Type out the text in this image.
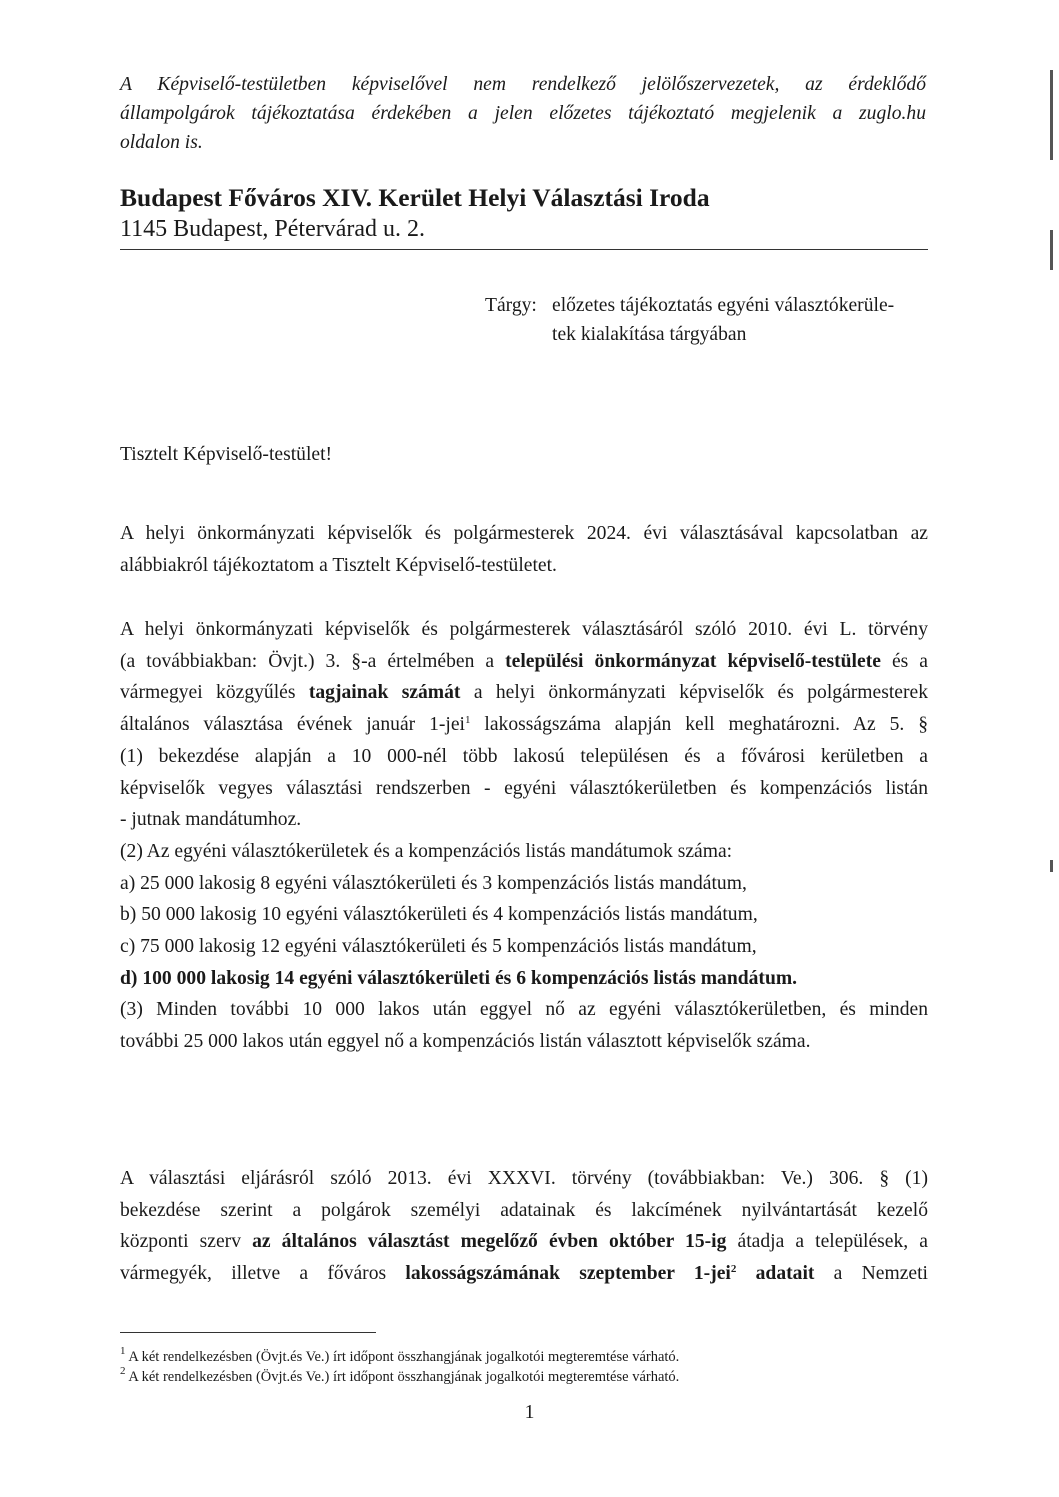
A Képviselő-testületben képviselővel nem rendelkező jelölőszervezetek, az érdeklődő
állampolgárok tájékoztatása érdekében a jelen előzetes tájékoztató megjelenik a zuglo.hu
oldalon is.
Budapest Főváros XIV. Kerület Helyi Választási Iroda
1145 Budapest, Pétervárad u. 2.
Tárgy: előzetes tájékoztatás egyéni választókerüle-
tek kialakítása tárgyában
Tisztelt Képviselő-testület!
A helyi önkormányzati képviselők és polgármesterek 2024. évi választásával kapcsolatban az
alábbiakról tájékoztatom a Tisztelt Képviselő-testületet.
A helyi önkormányzati képviselők és polgármesterek választásáról szóló 2010. évi L. törvény
(a továbbiakban: Övjt.) 3. §-a értelmében a települési önkormányzat képviselő-testülete és a
vármegyei közgyűlés tagjainak számát a helyi önkormányzati képviselők és polgármesterek
általános választása évének január 1-jei$^1$ lakosságszáma alapján kell meghatározni. Az 5. §
(1) bekezdése alapján a 10 000-nél több lakosú településen és a fővárosi kerületben a
képviselők vegyes választási rendszerben - egyéni választókerületben és kompenzációs listán
- jutnak mandátumhoz.
(2) Az egyéni választókerületek és a kompenzációs listás mandátumok száma:
a) 25 000 lakosig 8 egyéni választókerületi és 3 kompenzációs listás mandátum,
b) 50 000 lakosig 10 egyéni választókerületi és 4 kompenzációs listás mandátum,
c) 75 000 lakosig 12 egyéni választókerületi és 5 kompenzációs listás mandátum,
d) 100 000 lakosig 14 egyéni választókerületi és 6 kompenzációs listás mandátum.
(3) Minden további 10 000 lakos után eggyel nő az egyéni választókerületben, és minden
további 25 000 lakos után eggyel nő a kompenzációs listán választott képviselők száma.
A választási eljárásról szóló 2013. évi XXXVI. törvény (továbbiakban: Ve.) 306. § (1)
bekezdése szerint a polgárok személyi adatainak és lakcímének nyilvántartását kezelő
központi szerv az általános választást megelőző évben október 15-ig átadja a települések, a
vármegyék, illetve a főváros lakosságszámának szeptember 1-jei$^2$ adatait a Nemzeti
$^1$ A két rendelkezésben (Övjt.és Ve.) írt időpont összhangjának jogalkotói megteremtése várható.
$^2$ A két rendelkezésben (Övjt.és Ve.) írt időpont összhangjának jogalkotói megteremtése várható.
1
